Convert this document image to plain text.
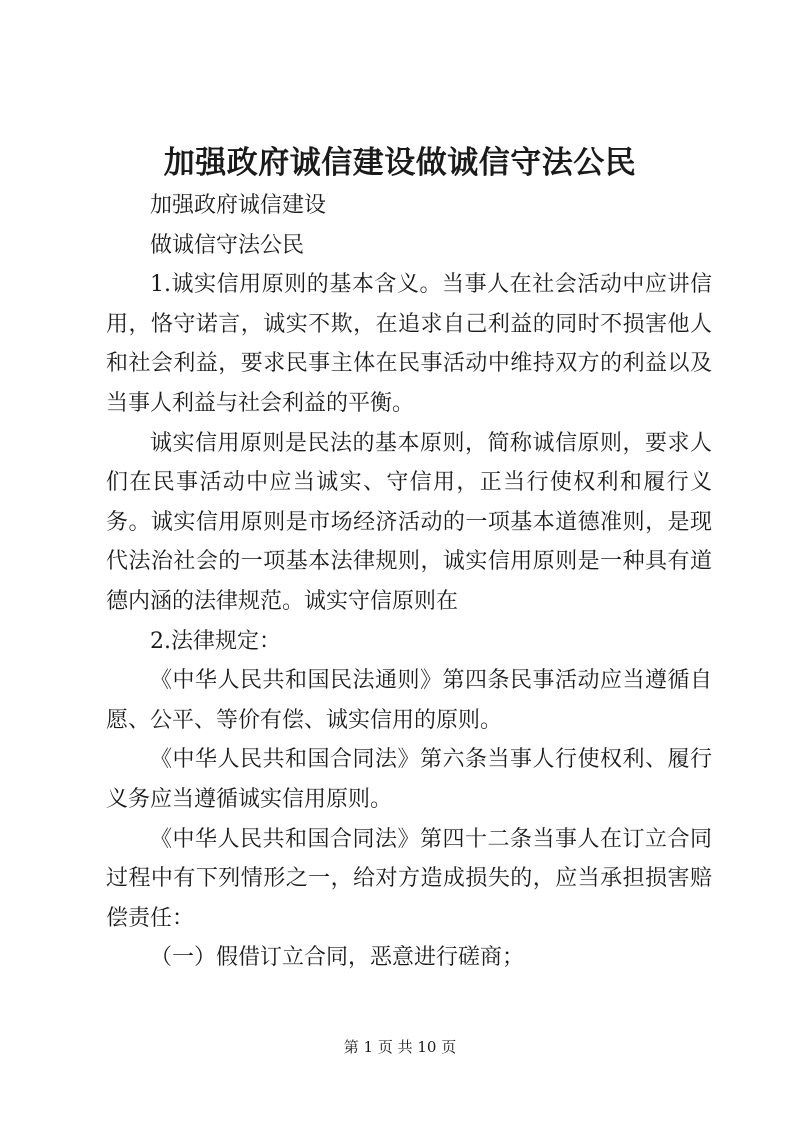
加强政府诚信建设做诚信守法公民

加强政府诚信建设

做诚信守法公民

1.诚实信用原则的基本含义。当事人在社会活动中应讲信用，恪守诺言，诚实不欺，在追求自己利益的同时不损害他人和社会利益，要求民事主体在民事活动中维持双方的利益以及当事人利益与社会利益的平衡。

诚实信用原则是民法的基本原则，简称诚信原则，要求人们在民事活动中应当诚实、守信用，正当行使权利和履行义务。诚实信用原则是市场经济活动的一项基本道德准则，是现代法治社会的一项基本法律规则，诚实信用原则是一种具有道德内涵的法律规范。诚实守信原则在

2.法律规定：

《中华人民共和国民法通则》第四条民事活动应当遵循自愿、公平、等价有偿、诚实信用的原则。

《中华人民共和国合同法》第六条当事人行使权利、履行义务应当遵循诚实信用原则。

《中华人民共和国合同法》第四十二条当事人在订立合同过程中有下列情形之一，给对方造成损失的，应当承担损害赔偿责任：

（一）假借订立合同，恶意进行磋商；

第 1 页 共 10 页
